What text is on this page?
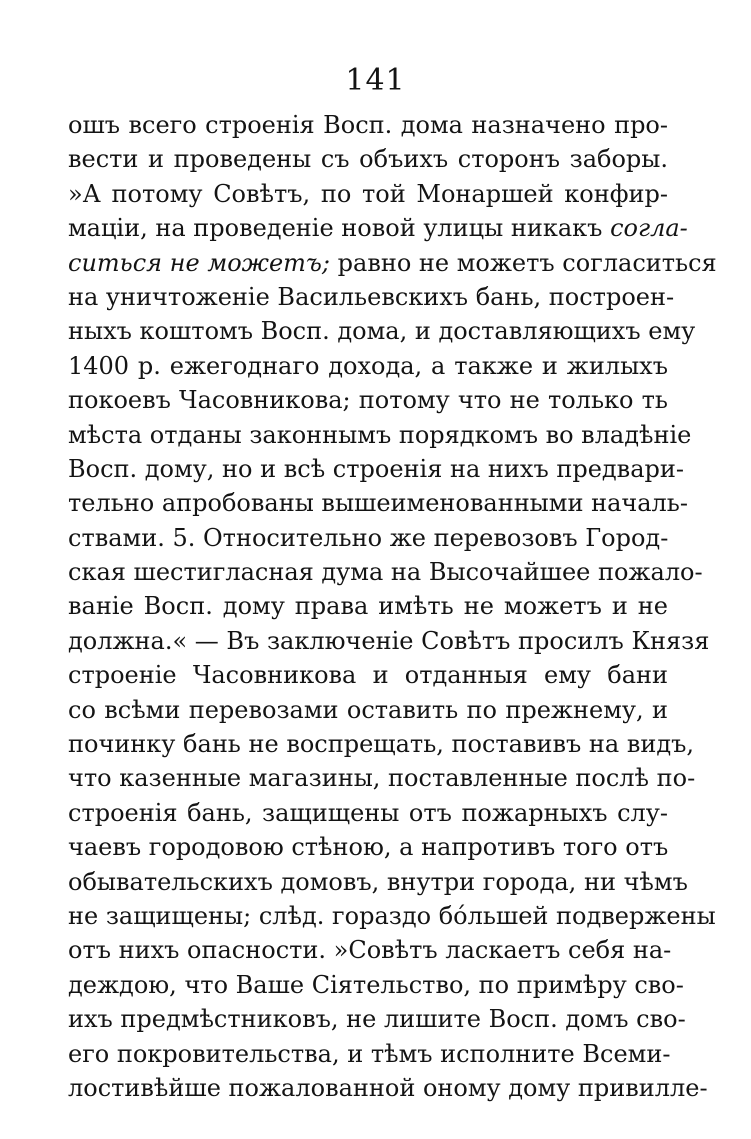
141
ошъ всего строенія Восп. дома назначено про-
вести и проведены съ объихъ сторонъ заборы.
»А потому Совѣтъ, по той Монаршей конфир-
маціи, на проведеніе новой улицы никакъ согла-
ситься не можетъ; равно не можетъ согласиться
на уничтоженіе Васильевскихъ бань, построен-
ныхъ коштомъ Восп. дома, и доставляющихъ ему
1400 р. ежегоднаго дохода, а также и жилыхъ
покоевъ Часовникова; потому что не только ть
мѣста отданы законнымъ порядкомъ во владѣніе
Восп. дому, но и всѣ строенія на нихъ предвари-
тельно апробованы вышеименованными началь-
ствами. 5. Относительно же перевозовъ Город-
ская шестигласная дума на Высочайшее пожало-
ваніе Восп. дому права имѣть не можетъ и не
должна.« — Въ заключеніе Совѣтъ просилъ Князя
строеніе Часовникова и отданныя ему бани
со всѣми перевозами оставить по прежнему, и
починку бань не воспрещать, поставивъ на видъ,
что казенные магазины, поставленные послѣ по-
строенія бань, защищены отъ пожарныхъ слу-
чаевъ городовою стѣною, а напротивъ того отъ
обывательскихъ домовъ, внутри города, ни чѣмъ
не защищены; слѣд. гораздо бо́льшей подвержены
отъ нихъ опасности. »Совѣтъ ласкаетъ себя на-
деждою, что Ваше Сіятельство, по примѣру сво-
ихъ предмѣстниковъ, не лишите Восп. домъ сво-
его покровительства, и тѣмъ исполните Всеми-
лостивѣйше пожалованной оному дому привилле-
